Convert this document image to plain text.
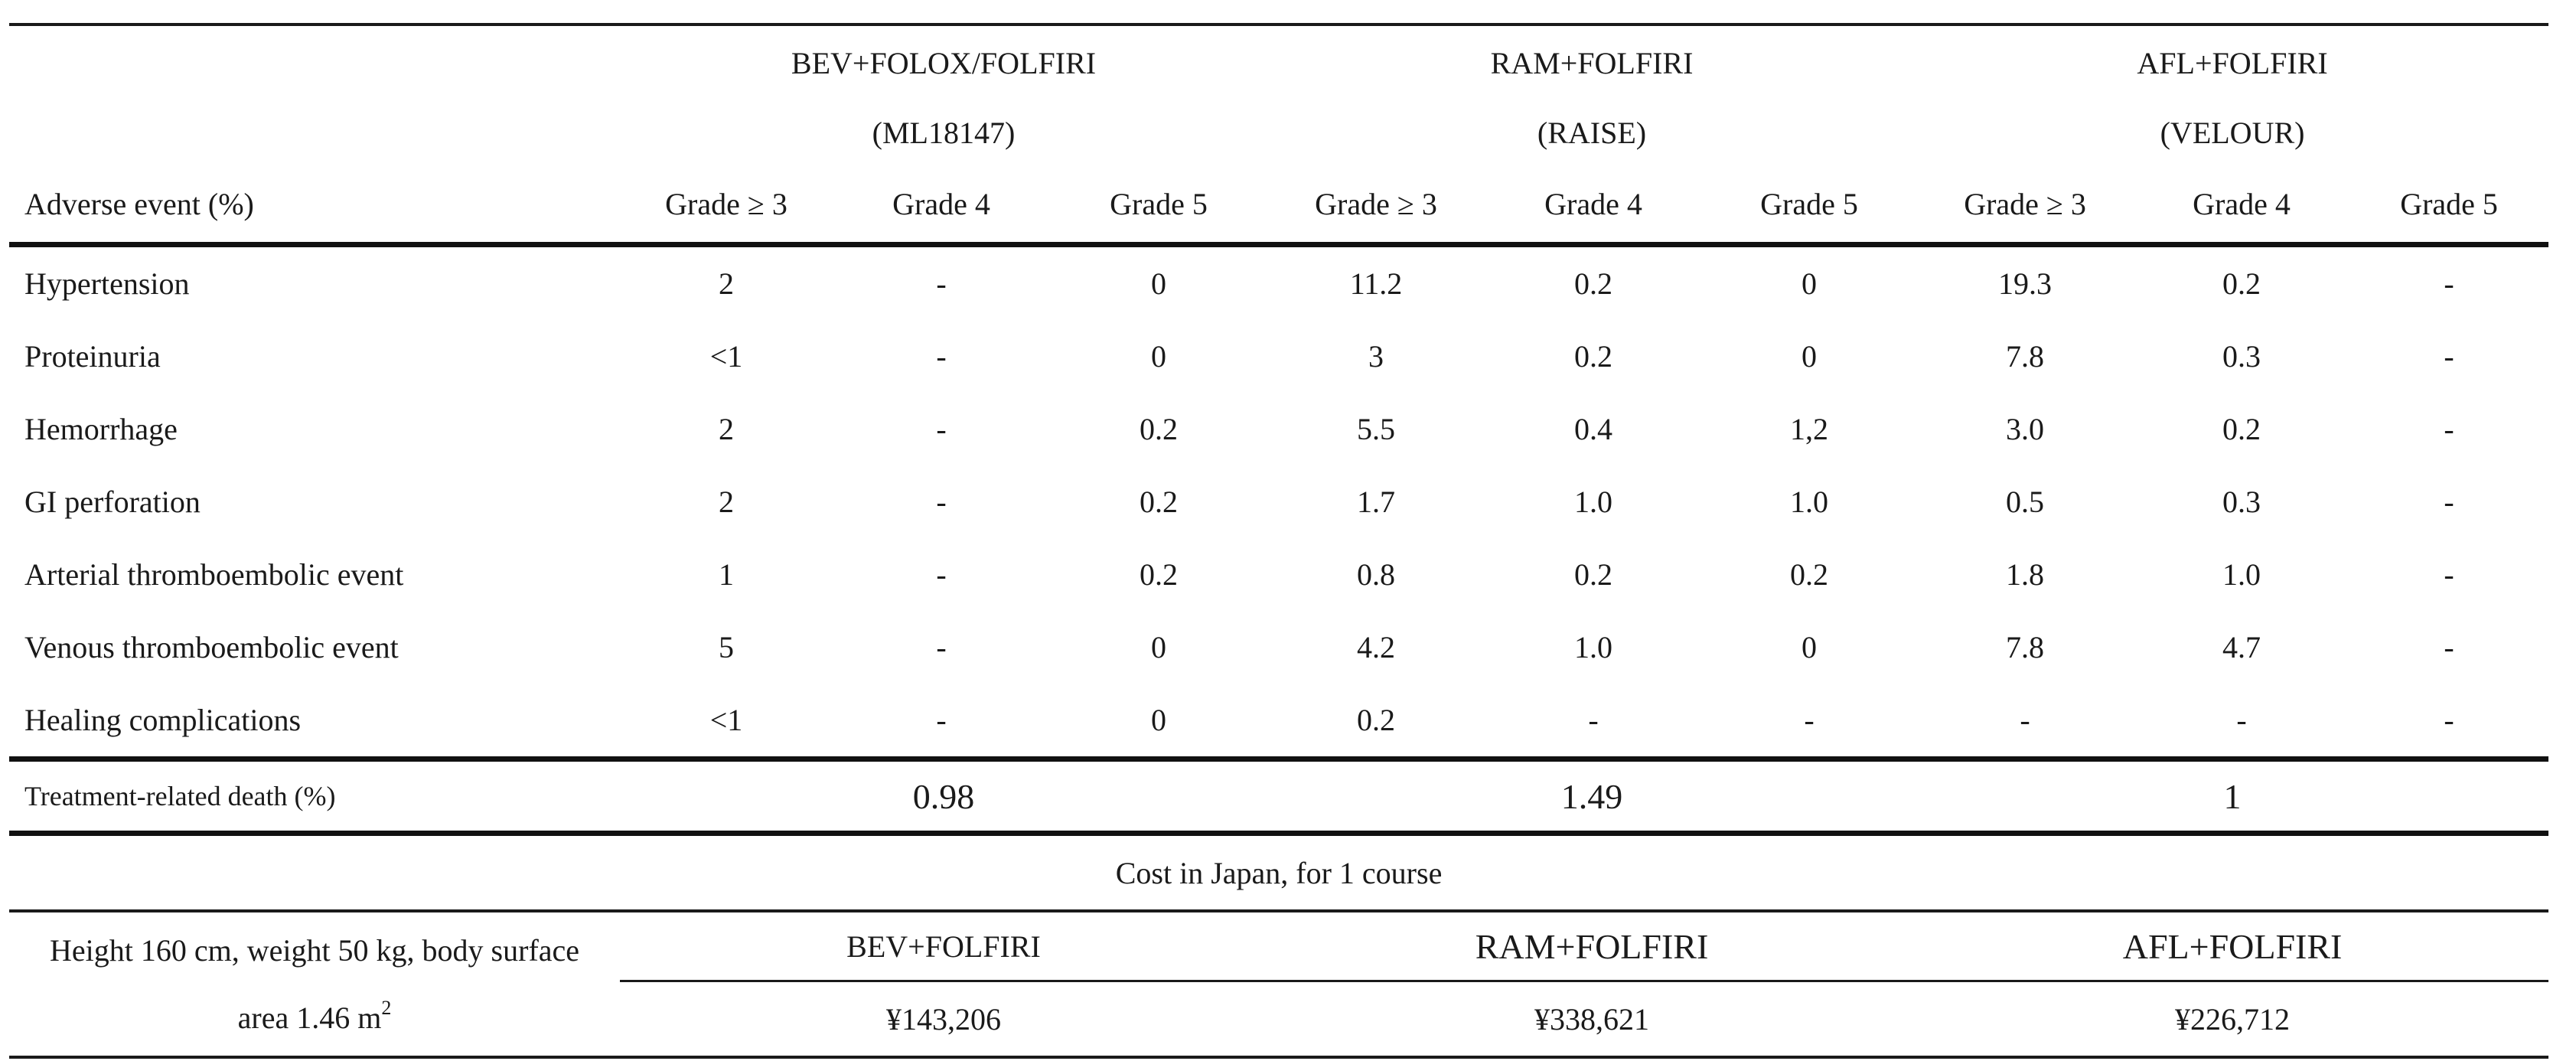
	BEV+FOLOX/FOLFIRI			RAM+FOLFIRI			AFL+FOLFIRI		
	(ML18147)			(RAISE)			(VELOUR)		
Adverse event (%)	Grade ≥ 3	Grade 4	Grade 5	Grade ≥ 3	Grade 4	Grade 5	Grade ≥ 3	Grade 4	Grade 5
Hypertension	2	-	0	11.2	0.2	0	19.3	0.2	-
Proteinuria	<1	-	0	3	0.2	0	7.8	0.3	-
Hemorrhage	2	-	0.2	5.5	0.4	1,2	3.0	0.2	-
GI perforation	2	-	0.2	1.7	1.0	1.0	0.5	0.3	-
Arterial thromboembolic event	1	-	0.2	0.8	0.2	0.2	1.8	1.0	-
Venous thromboembolic event	5	-	0	4.2	1.0	0	7.8	4.7	-
Healing complications	<1	-	0	0.2	-	-	-	-	-
Treatment-related death (%)	0.98			1.49			1		
Cost in Japan, for 1 course									

Height 160 cm, weight 50 kg, body surface
area 1.46 $m^2$	BEV+FOLFIRI			RAM+FOLFIRI			AFL+FOLFIRI		
	¥143,206			¥338,621			¥226,712		
